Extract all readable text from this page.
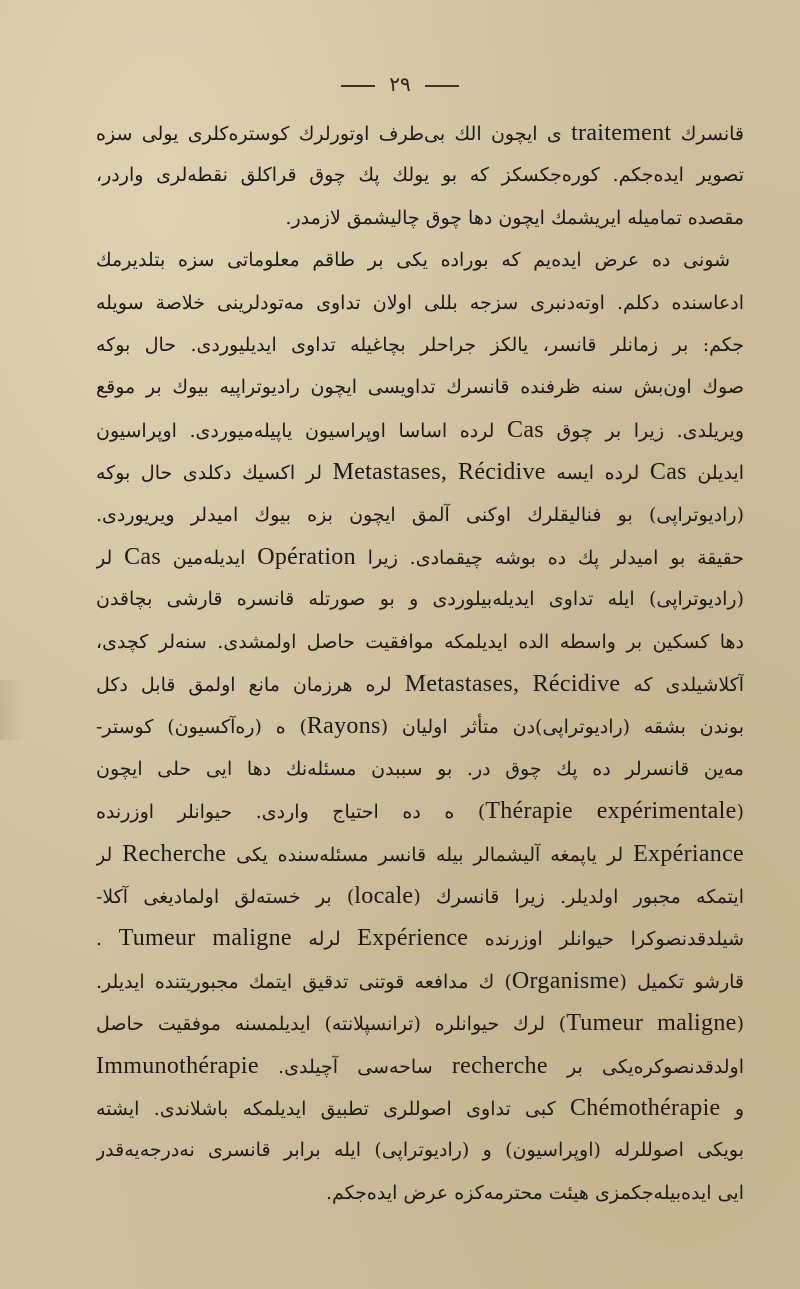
٢٩
قانسرك traitement ى ايچون الك بى‌طرف اوتورلرك كوسترەكلرى يولى سزه
تصوير ايدەجكم. كورەجكسكز كه بو يولك پك چوق قراكلق نقطەلرى واردر،
مقصدە تماميله ايريشمك ايچون دها چوق چاليشمق لازمدر.
شونى ده عرض ايدەيم كه بورادە يكى بر طاقم معلوماتى سزه بتلديرمك
ادعاسندە دكلم. اوتەدنبرى سزجه بللى اولان تداوى مەتودلرينى خلاصة سويله‌
جكم: بر زمانلر قانسر، يالكز جراحلر بچاغيله تداوى ايديليوردى. حال بوكه
صوك اون‌بش سنه ظرفندە قانسرك تداويسى ايچون راديوتراپيه بيوك بر موقع
ويريلدى. زيرا بر چوق Cas لردە اساسا اوپراسيون ياپيلەميوردى. اوپراسيون
ايديلن Cas لردە ايسه Metastases, Récidive لر اكسيك دكلدى حال بوكه
(راديوتراپى) بو فناليقلرك اوكنى آلمق ايچون بزه بيوك اميدلر ويريوردى.
حقيقة بو اميدلر پك ده بوشه چيقمادى. زيرا Opération ايديلەمين Cas لر
(راديوتراپى) ايله تداوى ايديله‌بيلوردى و بو صورتله قانسره قارشى بچاقدن
دها كسكين بر واسطه الده ايديلمكه موافقيت حاصل اولمشدى. سنه‌لر كچدى،
آكلاشيلدى كه Metastases, Récidive لره هرزمان مانع اولمق قابل دكل
بوندن بشقه (راديوتراپى)دن متأثر اوليان (Rayons) ه (رەآكسيون) كوستر-
مەين قانسرلر ده پك چوق در. بو سببدن مسئله‌نك دها ايى حلى ايچون
(Thérapie expérimentale) ه ده احتياج واردى. حيوانلر اوزرنده
Expériance لر ياپمغه آليشمالر بيله قانسر مسئله‌سندە يكى Recherche لر
ايتمكه مجبور اولديلر. زيرا قانسرك (locale) بر خسته‌لق اولماديغى آكلا-
شيلدقدنصوكرا حيوانلر اوزرنده Expérience لرله Tumeur maligne .
قارشو تكميل (Organisme) ك مدافعه قوتنى تدقيق ايتمك مجبوريتندە ايديلر.
(Tumeur maligne) لرك حيوانلرە (ترانسپلانته) ايديلمسنه موفقيت حاصل
اولدقدنصوكرەيكى بر recherche ساحه‌سى آچيلدى. Immunothérapie
و Chémothérapie كبى تداوى اصوللرى تطبيق ايديلمكه باشلاندى. ايشته
بويكى اصوللرله (اوپراسيون) و (راديوتراپى) ايله برابر قانسرى نه‌درجه‌يەقدر
ايى ايده‌بيله‌جكمزى هيئت محترمەكزه عرض ايدەجكم.
